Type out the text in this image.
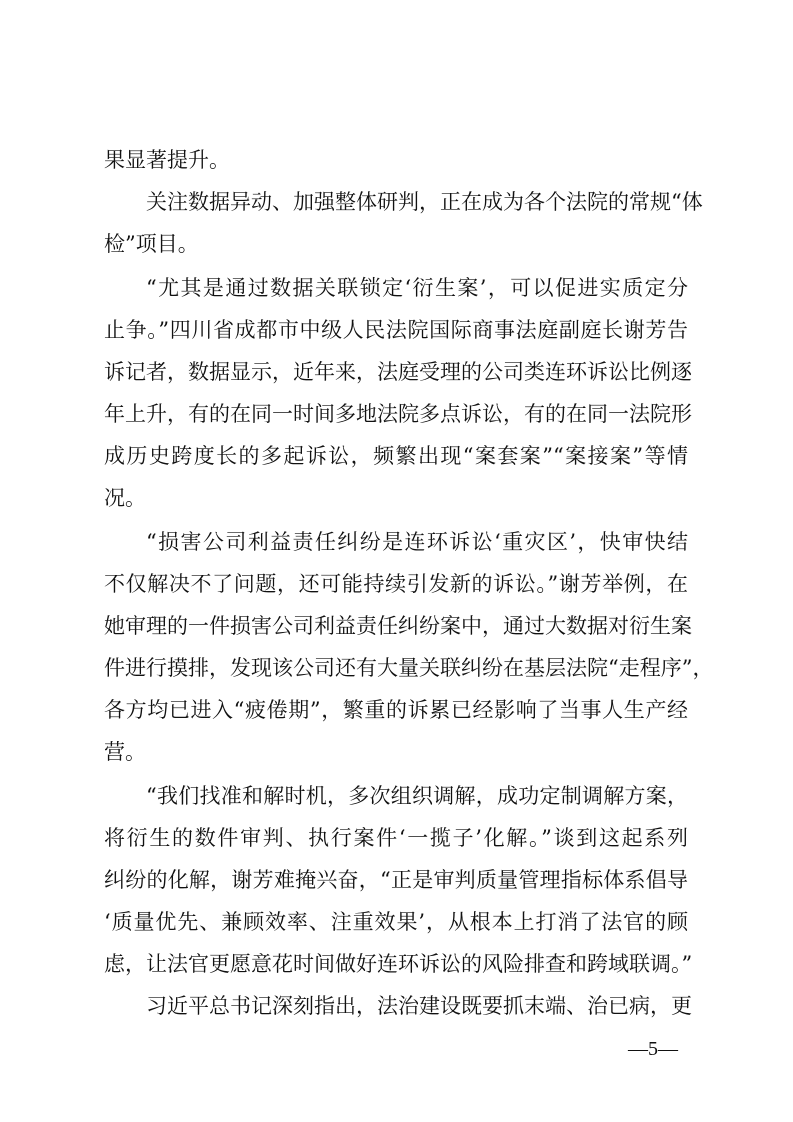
果显著提升。
关注数据异动、加强整体研判，正在成为各个法院的常规“体
检”项目。
“尤其是通过数据关联锁定‘衍生案’，可以促进实质定分
止争。”四川省成都市中级人民法院国际商事法庭副庭长谢芳告
诉记者，数据显示，近年来，法庭受理的公司类连环诉讼比例逐
年上升，有的在同一时间多地法院多点诉讼，有的在同一法院形
成历史跨度长的多起诉讼，频繁出现“案套案”“案接案”等情
况。
“损害公司利益责任纠纷是连环诉讼‘重灾区’，快审快结
不仅解决不了问题，还可能持续引发新的诉讼。”谢芳举例，在
她审理的一件损害公司利益责任纠纷案中，通过大数据对衍生案
件进行摸排，发现该公司还有大量关联纠纷在基层法院“走程序”，
各方均已进入“疲倦期”，繁重的诉累已经影响了当事人生产经
营。
“我们找准和解时机，多次组织调解，成功定制调解方案，
将衍生的数件审判、执行案件‘一揽子’化解。”谈到这起系列
纠纷的化解，谢芳难掩兴奋，“正是审判质量管理指标体系倡导
‘质量优先、兼顾效率、注重效果’，从根本上打消了法官的顾
虑，让法官更愿意花时间做好连环诉讼的风险排查和跨域联调。”
习近平总书记深刻指出，法治建设既要抓末端、治已病，更
—5—
